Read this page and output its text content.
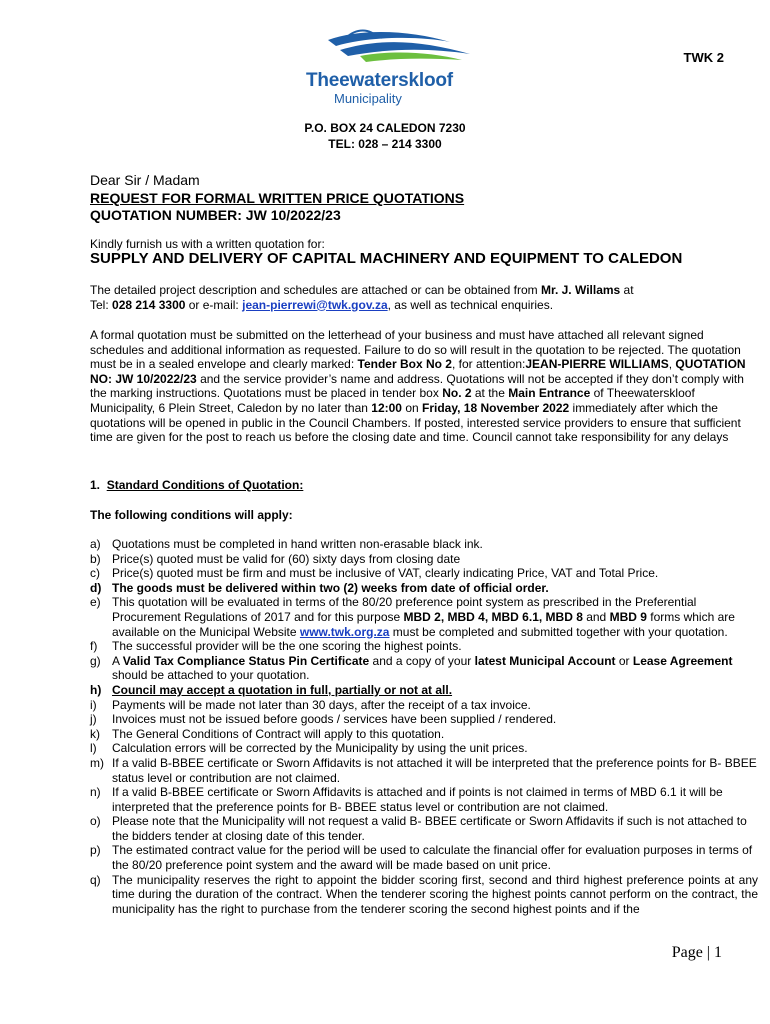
TWK 2
Theewaterskloof
Municipality
P.O. BOX 24 CALEDON 7230
TEL: 028 – 214 3300
Dear Sir / Madam
REQUEST FOR FORMAL WRITTEN PRICE QUOTATIONS
QUOTATION NUMBER: JW 10/2022/23
Kindly furnish us with a written quotation for:
SUPPLY AND DELIVERY OF CAPITAL MACHINERY AND EQUIPMENT TO CALEDON
The detailed project description and schedules are attached or can be obtained from Mr. J. Willams at
Tel: 028 214 3300 or e-mail: jean-pierrewi@twk.gov.za, as well as technical enquiries.
A formal quotation must be submitted on the letterhead of your business and must have attached all relevant signed schedules and additional information as requested. Failure to do so will result in the quotation to be rejected. The quotation must be in a sealed envelope and clearly marked: Tender Box No 2, for attention:JEAN-PIERRE WILLIAMS, QUOTATION NO: JW 10/2022/23 and the service provider’s name and address. Quotations will not be accepted if they don’t comply with the marking instructions. Quotations must be placed in tender box No. 2 at the Main Entrance of Theewaterskloof Municipality, 6 Plein Street, Caledon by no later than 12:00 on Friday, 18 November 2022 immediately after which the quotations will be opened in public in the Council Chambers. If posted, interested service providers to ensure that sufficient time are given for the post to reach us before the closing date and time. Council cannot take responsibility for any delays
1. Standard Conditions of Quotation:
The following conditions will apply:
a) Quotations must be completed in hand written non-erasable black ink.
b) Price(s) quoted must be valid for (60) sixty days from closing date
c)	Price(s) quoted must be firm and must be inclusive of VAT, clearly indicating Price, VAT and Total Price.
d) The goods must be delivered within two (2) weeks from date of official order.
e) This quotation will be evaluated in terms of the 80/20 preference point system as prescribed in the Preferential Procurement Regulations of 2017 and for this purpose MBD 2, MBD 4, MBD 6.1, MBD 8 and MBD 9 forms which are available on the Municipal Website www.twk.org.za must be completed and submitted together with your quotation.
f)	The successful provider will be the one scoring the highest points.
g) A Valid Tax Compliance Status Pin Certificate and a copy of your latest Municipal Account or Lease Agreement should be attached to your quotation.
h) Council may accept a quotation in full, partially or not at all.
i)	Payments will be made not later than 30 days, after the receipt of a tax invoice.
j)	Invoices must not be issued before goods / services have been supplied / rendered.
k)	The General Conditions of Contract will apply to this quotation.
l)	Calculation errors will be corrected by the Municipality by using the unit prices.
m) If a valid B-BBEE certificate or Sworn Affidavits is not attached it will be interpreted that the preference points for B- BBEE status level or contribution are not claimed.
n) If a valid B-BBEE certificate or Sworn Affidavits is attached and if points is not claimed in terms of MBD 6.1 it will be interpreted that the preference points for B- BBEE status level or contribution are not claimed.
o) Please note that the Municipality will not request a valid B- BBEE certificate or Sworn Affidavits if such is not attached to the bidders tender at closing date of this tender.
p) The estimated contract value for the period will be used to calculate the financial offer for evaluation purposes in terms of the 80/20 preference point system and the award will be made based on unit price.
q) The municipality reserves the right to appoint the bidder scoring first, second and third highest preference points at any time during the duration of the contract. When the tenderer scoring the highest points cannot perform on the contract, the municipality has the right to purchase from the tenderer scoring the second highest points and if the
Page | 1
